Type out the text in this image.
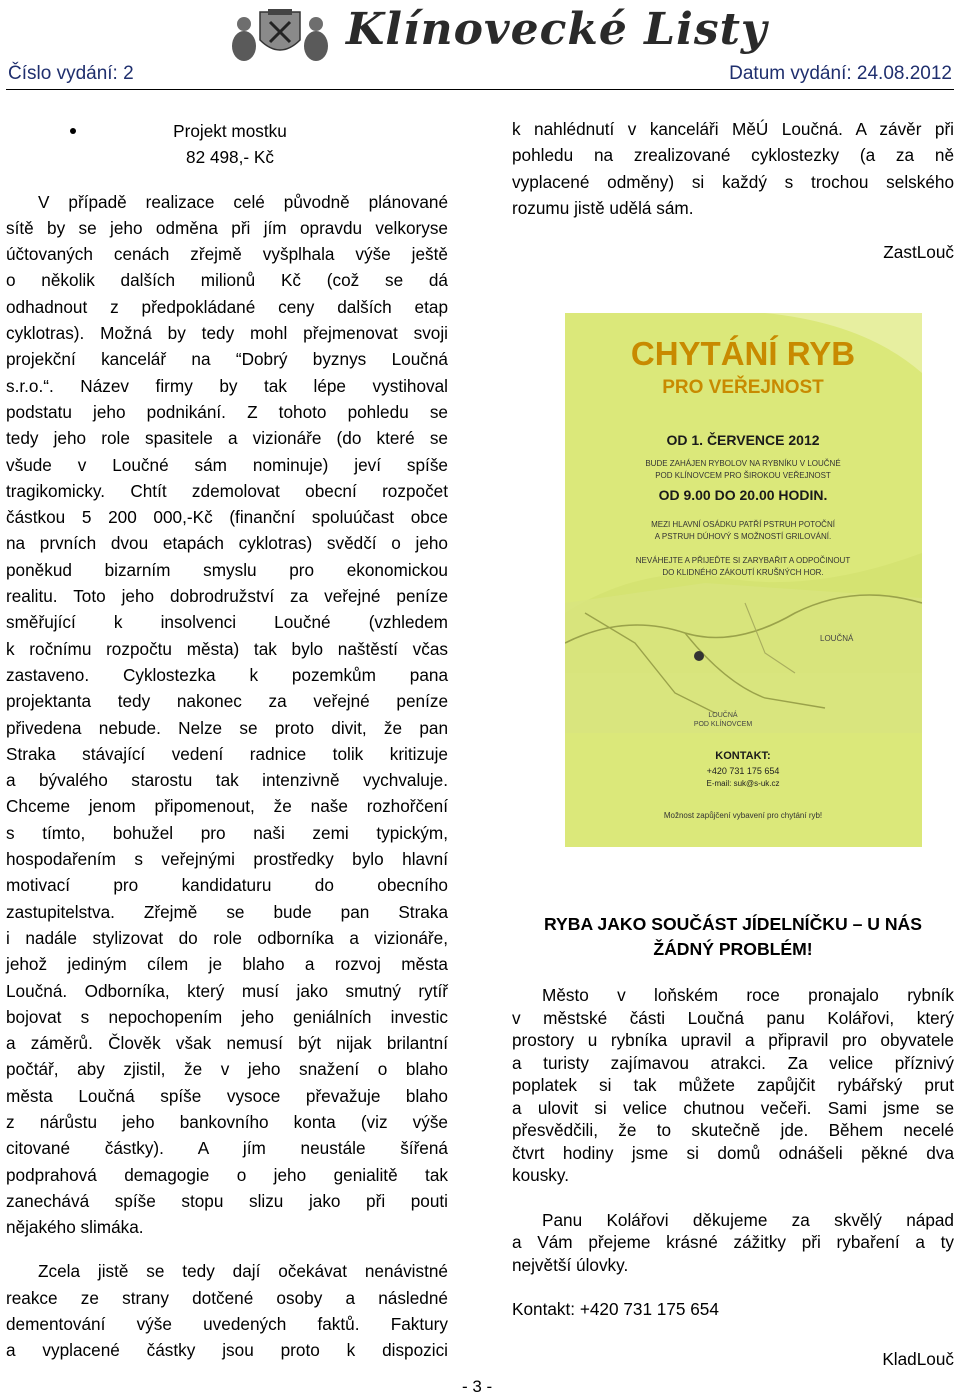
Klínovecké Listy
Číslo vydání: 2	Datum vydání: 24.08.2012
Projekt mostku
82 498,- Kč
V případě realizace celé původně plánované
sítě by se jeho odměna při jím opravdu velkoryse
účtovaných cenách zřejmě vyšplhala výše ještě
o několik dalších milionů Kč (což se dá
odhadnout z předpokládané ceny dalších etap
cyklotras). Možná by tedy mohl přejmenovat svoji
projekční kancelář na “Dobrý byznys Loučná
s.r.o.“. Název firmy by tak lépe vystihoval
podstatu jeho podnikání. Z tohoto pohledu se
tedy jeho role spasitele a vizionáře (do které se
všude v Loučné sám nominuje) jeví spíše
tragikomicky. Chtít zdemolovat obecní rozpočet
částkou 5 200 000,-Kč (finanční spoluúčast obce
na prvních dvou etapách cyklotras) svědčí o jeho
poněkud bizarním smyslu pro ekonomickou
realitu. Toto jeho dobrodružství za veřejné peníze
směřující k insolvenci Loučné (vzhledem
k ročnímu rozpočtu města) tak bylo naštěstí včas
zastaveno. Cyklostezka k pozemkům pana
projektanta tedy nakonec za veřejné peníze
přivedena nebude. Nelze se proto divit, že pan
Straka stávající vedení radnice tolik kritizuje
a bývalého starostu tak intenzivně vychvaluje.
Chceme jenom připomenout, že naše rozhořčení
s tímto, bohužel pro naši zemi typickým,
hospodařením s veřejnými prostředky bylo hlavní
motivací pro kandidaturu do obecního
zastupitelstva. Zřejmě se bude pan Straka
i nadále stylizovat do role odborníka a vizionáře,
jehož jediným cílem je blaho a rozvoj města
Loučná. Odborníka, který musí jako smutný rytíř
bojovat s nepochopením jeho geniálních investic
a záměrů. Člověk však nemusí být nijak brilantní
počtář, aby zjistil, že v jeho snažení o blaho
města Loučná spíše vysoce převažuje blaho
z nárůstu jeho bankovního konta (viz výše
citované částky). A jím neustále šířená
podprahová demagogie o jeho genialitě tak
zanechává spíše stopu slizu jako při pouti
nějakého slimáka.
Zcela jistě se tedy dají očekávat nenávistné
reakce ze strany dotčené osoby a následné
dementování výše uvedených faktů. Faktury
a vyplacené částky jsou proto k dispozici
k nahlédnutí v kanceláři MěÚ Loučná. A závěr při
pohledu na zrealizované cyklostezky (a za ně
vyplacené odměny) si každý s trochou selského
rozumu jistě udělá sám.
ZastLouč
CHYTÁNÍ RYB
PRO VEŘEJNOST
OD 1. ČERVENCE 2012
BUDE ZAHÁJEN RYBOLOV NA RYBNÍKU V LOUČNÉ
POD KLÍNOVCEM PRO ŠIROKOU VEŘEJNOST
OD 9.00 DO 20.00 HODIN.
MEZI HLAVNÍ OSÁDKU PATŘÍ PSTRUH POTOČNÍ
A PSTRUH DÚHOVÝ S MOŽNOSTÍ GRILOVÁNÍ.
NEVÁHEJTE A PŘIJEĎTE SI ZARYBAŘIT A ODPOČINOUT
DO KLIDNÉHO ZÁKOUTÍ KRUŠNÝCH HOR.
LOUČNÁ
LOUČNÁ POD KLÍNOVCEM
KONTAKT:
+420 731 175 654
E-mail: suk@s-uk.cz
Možnost zapůjčení vybavení pro chytání ryb!
RYBA JAKO SOUČÁST JÍDELNÍČKU – U NÁS
ŽÁDNÝ PROBLÉM!
Město v loňském roce pronajalo rybník
v městské části Loučná panu Kolářovi, který
prostory u rybníka upravil a připravil pro obyvatele
a turisty zajímavou atrakci. Za velice příznivý
poplatek si tak můžete zapůjčit rybářský prut
a ulovit si velice chutnou večeři. Sami jsme se
přesvědčili, že to skutečně jde. Během necelé
čtvrt hodiny jsme si domů odnášeli pěkné dva
kousky.
Panu Kolářovi děkujeme za skvělý nápad
a Vám přejeme krásné zážitky při rybaření a ty
největší úlovky.
Kontakt: +420 731 175 654
KladLouč
- 3 -
